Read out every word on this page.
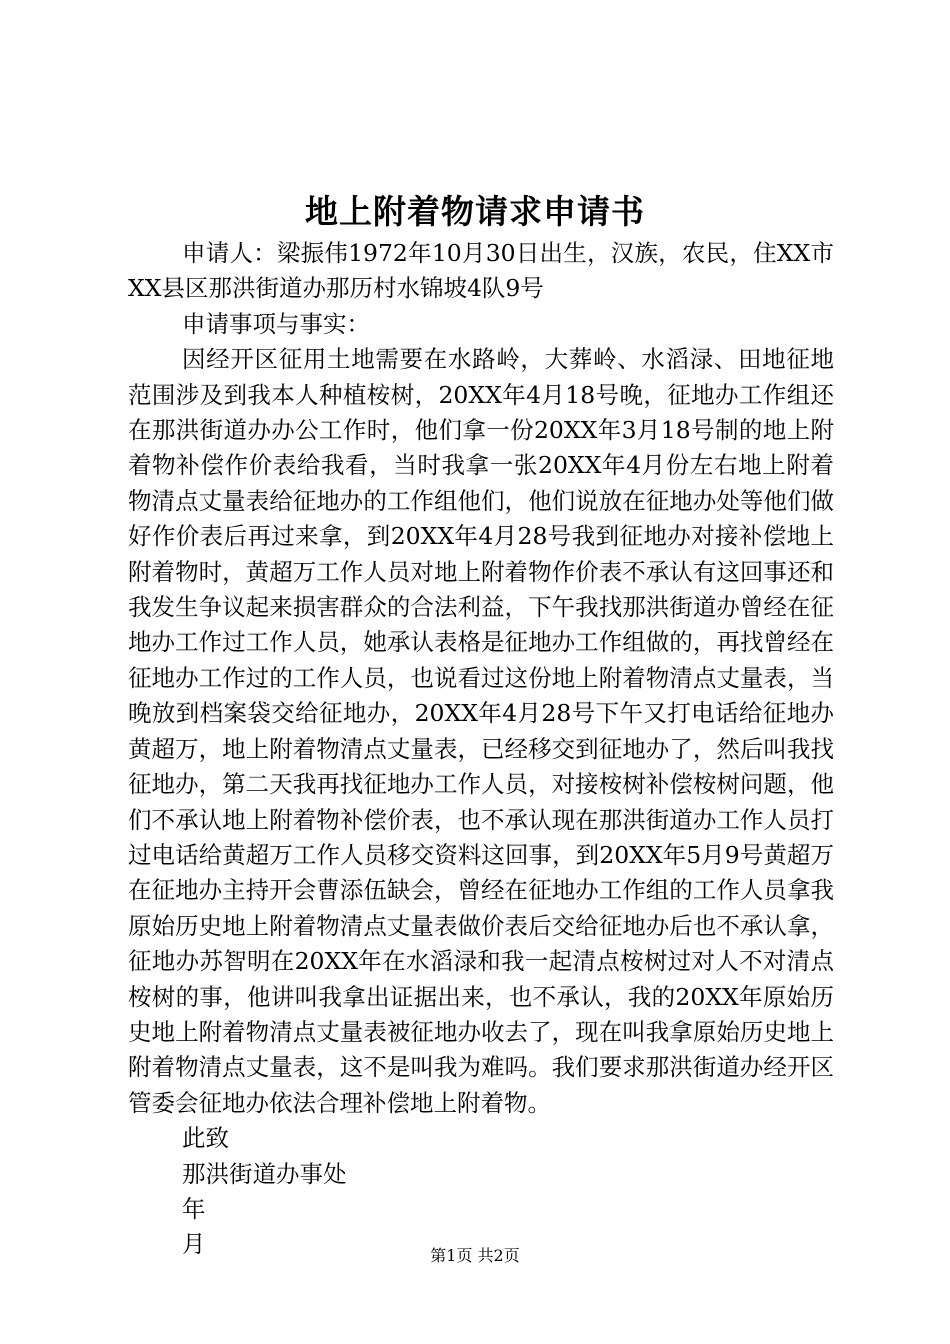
地上附着物请求申请书

申请人：梁振伟1972年10月30日出生，汉族，农民，住XX市XX县区那洪街道办那历村水锦坡4队9号

申请事项与事实：

因经开区征用土地需要在水路岭，大葬岭、水滔渌、田地征地范围涉及到我本人种植桉树，20XX年4月18号晚，征地办工作组还在那洪街道办办公工作时，他们拿一份20XX年3月18号制的地上附着物补偿作价表给我看，当时我拿一张20XX年4月份左右地上附着物清点丈量表给征地办的工作组他们，他们说放在征地办处等他们做好作价表后再过来拿，到20XX年4月28号我到征地办对接补偿地上附着物时，黄超万工作人员对地上附着物作价表不承认有这回事还和我发生争议起来损害群众的合法利益，下午我找那洪街道办曾经在征地办工作过工作人员，她承认表格是征地办工作组做的，再找曾经在征地办工作过的工作人员，也说看过这份地上附着物清点丈量表，当晚放到档案袋交给征地办，20XX年4月28号下午又打电话给征地办黄超万，地上附着物清点丈量表，已经移交到征地办了，然后叫我找征地办，第二天我再找征地办工作人员，对接桉树补偿桉树问题，他们不承认地上附着物补偿价表，也不承认现在那洪街道办工作人员打过电话给黄超万工作人员移交资料这回事，到20XX年5月9号黄超万在征地办主持开会曹添伍缺会，曾经在征地办工作组的工作人员拿我原始历史地上附着物清点丈量表做价表后交给征地办后也不承认拿，征地办苏智明在20XX年在水滔渌和我一起清点桉树过对人不对清点桉树的事，他讲叫我拿出证据出来，也不承认，我的20XX年原始历史地上附着物清点丈量表被征地办收去了，现在叫我拿原始历史地上附着物清点丈量表，这不是叫我为难吗。我们要求那洪街道办经开区管委会征地办依法合理补偿地上附着物。

此致

那洪街道办事处

年

月	第1页 共2页
